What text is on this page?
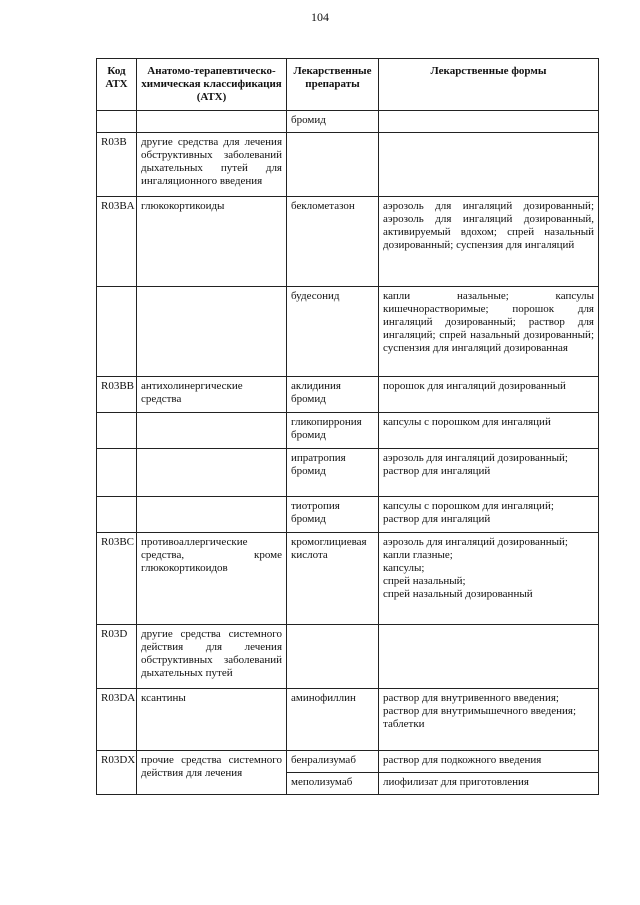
104
Код АТХ	Анатомо-терапевтическо-химическая классификация (АТХ)	Лекарственные препараты	Лекарственные формы
		бромид	
R03B	другие средства для лечения обструктивных заболеваний дыхательных путей для ингаляционного введения		
R03BA	глюкокортикоиды	беклометазон	аэрозоль для ингаляций дозированный; аэрозоль для ингаляций дозированный, активируемый вдохом; спрей назальный дозированный; суспензия для ингаляций
		будесонид	капли назальные; капсулы кишечнорастворимые; порошок для ингаляций дозированный; раствор для ингаляций; спрей назальный дозированный; суспензия для ингаляций дозированная
R03BB	антихолинергические средства	аклидиния бромид	порошок для ингаляций дозированный
		гликопиррония бромид	капсулы с порошком для ингаляций
		ипратропия бромид	аэрозоль для ингаляций дозированный;
раствор для ингаляций
		тиотропия бромид	капсулы с порошком для ингаляций;
раствор для ингаляций
R03BC	противоаллергические средства, кроме глюкокортикоидов	кромоглициевая кислота	аэрозоль для ингаляций дозированный;
капли глазные;
капсулы;
спрей назальный;
спрей назальный дозированный
R03D	другие средства системного действия для лечения обструктивных заболеваний дыхательных путей		
R03DA	ксантины	аминофиллин	раствор для внутривенного введения;
раствор для внутримышечного введения;
таблетки
R03DX	прочие средства системного действия для лечения	бенрализумаб	раствор для подкожного введения
		меполизумаб	лиофилизат для приготовления
